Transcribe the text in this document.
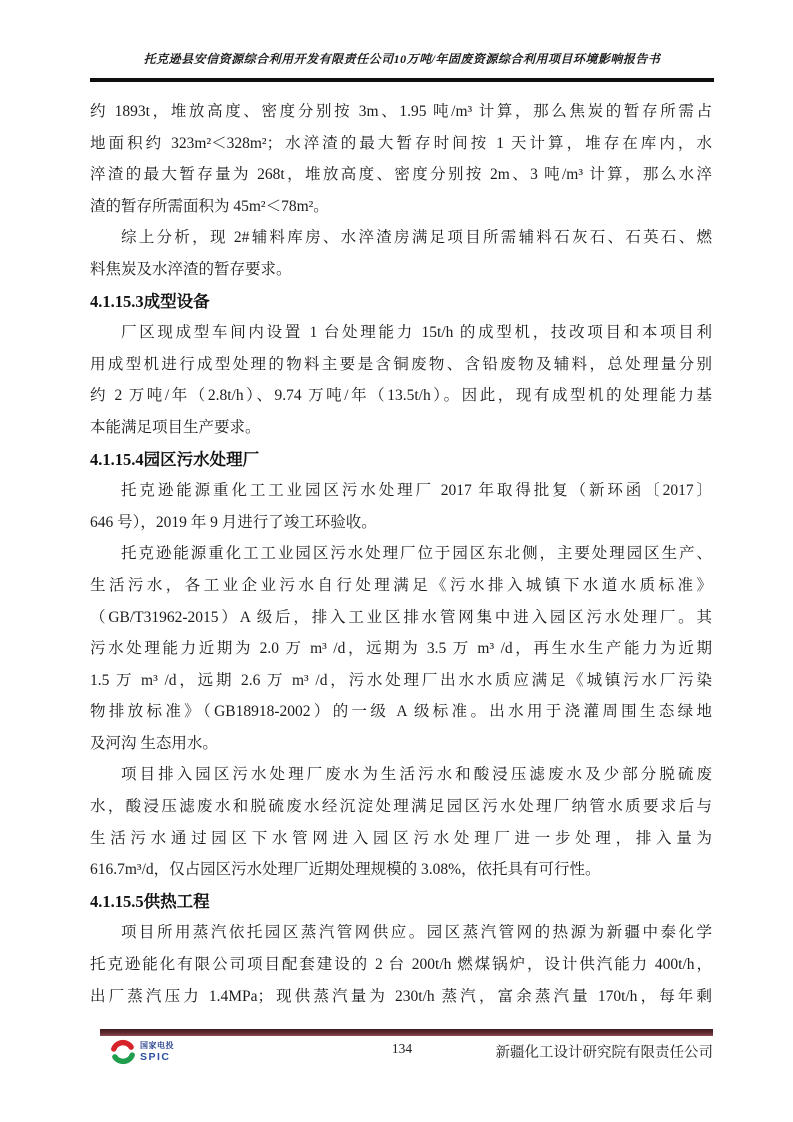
托克逊县安信资源综合利用开发有限责任公司10万吨/年固废资源综合利用项目环境影响报告书

约 1893t，堆放高度、密度分别按 3m、1.95 吨/m³ 计算，那么焦炭的暂存所需占
地面积约 323m²＜328m²；水淬渣的最大暂存时间按 1 天计算，堆存在库内，水
淬渣的最大暂存量为 268t，堆放高度、密度分别按 2m、3 吨/m³ 计算，那么水淬
渣的暂存所需面积为 45m²＜78m²。

综上分析，现 2#辅料库房、水淬渣房满足项目所需辅料石灰石、石英石、燃
料焦炭及水淬渣的暂存要求。

4.1.15.3成型设备

厂区现成型车间内设置 1 台处理能力 15t/h 的成型机，技改项目和本项目利
用成型机进行成型处理的物料主要是含铜废物、含铅废物及辅料，总处理量分别
约 2 万吨/年（2.8t/h）、9.74 万吨/年（13.5t/h）。因此，现有成型机的处理能力基
本能满足项目生产要求。

4.1.15.4园区污水处理厂

托克逊能源重化工工业园区污水处理厂 2017 年取得批复（新环函〔2017〕
646 号），2019 年 9 月进行了竣工环验收。

托克逊能源重化工工业园区污水处理厂位于园区东北侧，主要处理园区生产、
生活污水，各工业企业污水自行处理满足《污水排入城镇下水道水质标准》
（GB/T31962-2015）A 级后，排入工业区排水管网集中进入园区污水处理厂。其
污水处理能力近期为 2.0 万 m³ /d，远期为 3.5 万 m³ /d，再生水生产能力为近期
1.5 万 m³ /d，远期 2.6 万 m³ /d，污水处理厂出水水质应满足《城镇污水厂污染
物排放标准》（GB18918-2002）的一级 A 级标准。出水用于浇灌周围生态绿地
及河沟 生态用水。

项目排入园区污水处理厂废水为生活污水和酸浸压滤废水及少部分脱硫废
水，酸浸压滤废水和脱硫废水经沉淀处理满足园区污水处理厂纳管水质要求后与
生活污水通过园区下水管网进入园区污水处理厂进一步处理，排入量为
616.7m³/d，仅占园区污水处理厂近期处理规模的 3.08%，依托具有可行性。

4.1.15.5供热工程

项目所用蒸汽依托园区蒸汽管网供应。园区蒸汽管网的热源为新疆中泰化学
托克逊能化有限公司项目配套建设的 2 台 200t/h 燃煤锅炉，设计供汽能力 400t/h，
出厂蒸汽压力 1.4MPa；现供蒸汽量为 230t/h 蒸汽，富余蒸汽量 170t/h，每年剩

国家电投
SPIC
134	新疆化工设计研究院有限责任公司
